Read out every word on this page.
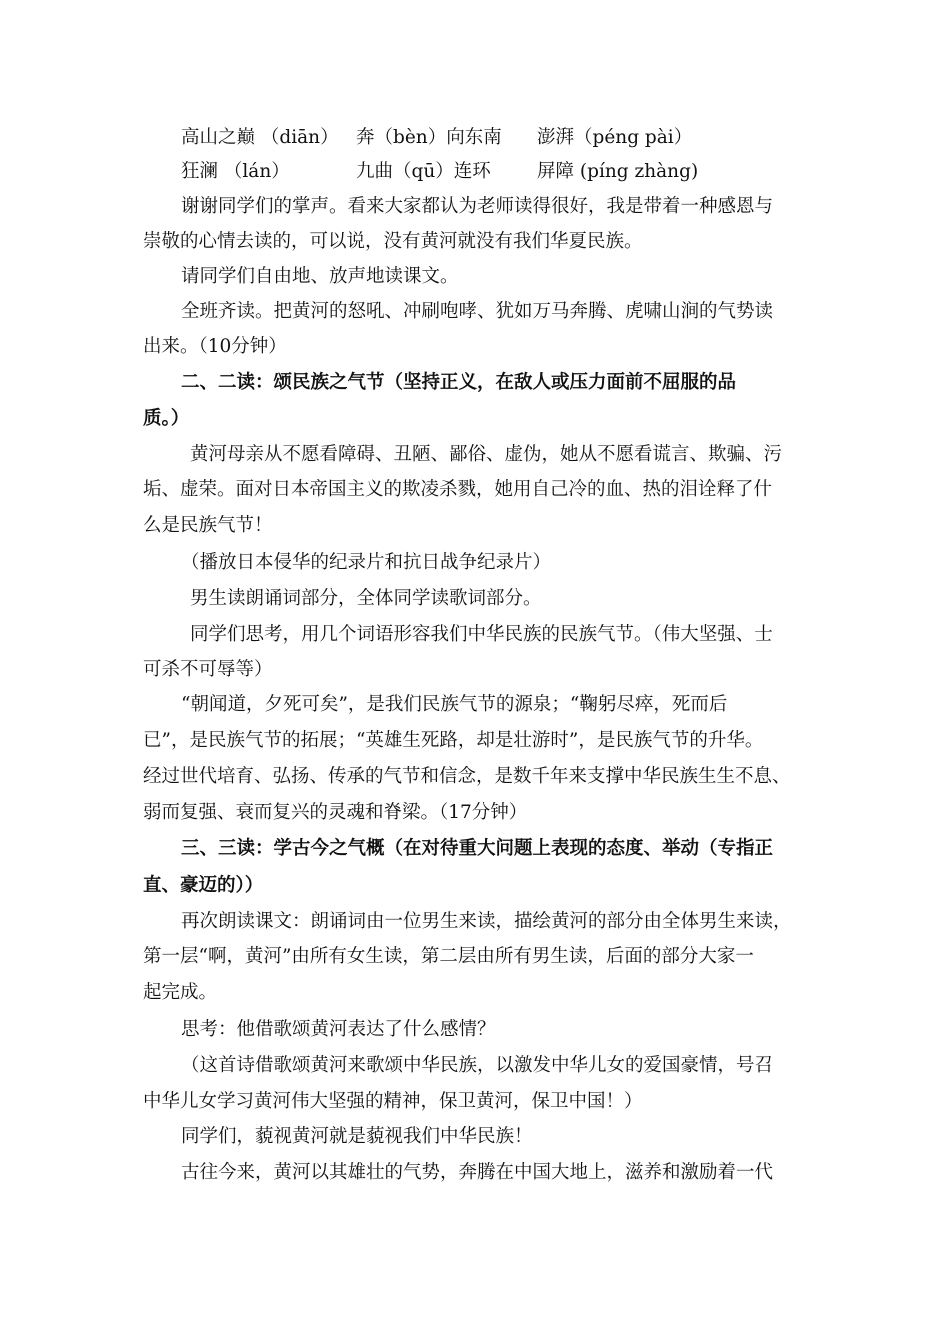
高山之巅 （diān） 奔（bèn）向东南 澎湃（péng pài）
狂澜 （lán）	九曲（qū）连环 屏障 (píng zhàng)
谢谢同学们的掌声。看来大家都认为老师读得很好，我是带着一种感恩与
崇敬的心情去读的，可以说，没有黄河就没有我们华夏民族。
请同学们自由地、放声地读课文。
全班齐读。把黄河的怒吼、冲刷咆哮、犹如万马奔腾、虎啸山涧的气势读
出来。（10分钟）
二、二读：颂民族之气节（坚持正义，在敌人或压力面前不屈服的品
质。）
黄河母亲从不愿看障碍、丑陋、鄙俗、虚伪，她从不愿看谎言、欺骗、污
垢、虚荣。面对日本帝国主义的欺凌杀戮，她用自己冷的血、热的泪诠释了什
么是民族气节！
（播放日本侵华的纪录片和抗日战争纪录片）
男生读朗诵词部分，全体同学读歌词部分。
同学们思考，用几个词语形容我们中华民族的民族气节。（伟大坚强、士
可杀不可辱等）
“朝闻道，夕死可矣”，是我们民族气节的源泉；“鞠躬尽瘁，死而后
已”，是民族气节的拓展；“英雄生死路，却是壮游时”，是民族气节的升华。
经过世代培育、弘扬、传承的气节和信念，是数千年来支撑中华民族生生不息、
弱而复强、衰而复兴的灵魂和脊梁。（17分钟）
三、三读：学古今之气概（在对待重大问题上表现的态度、举动（专指正
直、豪迈的））
再次朗读课文：朗诵词由一位男生来读，描绘黄河的部分由全体男生来读，
第一层“啊，黄河”由所有女生读，第二层由所有男生读，后面的部分大家一
起完成。
思考：他借歌颂黄河表达了什么感情？
（这首诗借歌颂黄河来歌颂中华民族，以激发中华儿女的爱国豪情，号召
中华儿女学习黄河伟大坚强的精神，保卫黄河，保卫中国！）
同学们，藐视黄河就是藐视我们中华民族！
古往今来，黄河以其雄壮的气势，奔腾在中国大地上，滋养和激励着一代
